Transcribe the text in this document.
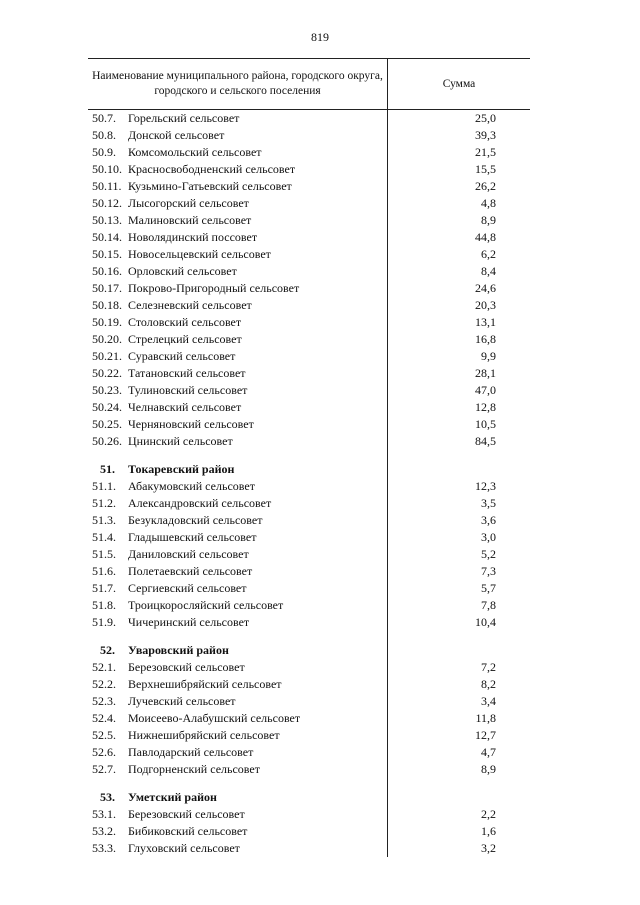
819
Наименование муниципального района, городского округа, городского и сельского поселения
Сумма
50.7.	Горельский сельсовет	25,0
50.8.	Донской сельсовет	39,3
50.9.	Комсомольский сельсовет	21,5
50.10. Красносвободненский сельсовет	15,5
50.11. Кузьмино-Гатьевский сельсовет	26,2
50.12. Лысогорский сельсовет	4,8
50.13. Малиновский сельсовет	8,9
50.14. Новолядинский поссовет	44,8
50.15. Новосельцевский сельсовет	6,2
50.16. Орловский сельсовет	8,4
50.17. Покрово-Пригородный сельсовет	24,6
50.18. Селезневский сельсовет	20,3
50.19. Столовский сельсовет	13,1
50.20. Стрелецкий сельсовет	16,8
50.21. Суравский сельсовет	9,9
50.22. Татановский сельсовет	28,1
50.23. Тулиновский сельсовет	47,0
50.24. Челнавский сельсовет	12,8
50.25. Черняновский сельсовет	10,5
50.26. Цнинский сельсовет	84,5
51.	Токаревский район
51.1.	Абакумовский сельсовет	12,3
51.2.	Александровский сельсовет	3,5
51.3.	Безукладовский сельсовет	3,6
51.4.	Гладышевский сельсовет	3,0
51.5.	Даниловский сельсовет	5,2
51.6.	Полетаевский сельсовет	7,3
51.7.	Сергиевский сельсовет	5,7
51.8.	Троицкоросляйский сельсовет	7,8
51.9.	Чичеринский сельсовет	10,4
52.	Уваровский район
52.1.	Березовский сельсовет	7,2
52.2.	Верхнешибряйский сельсовет	8,2
52.3.	Лучевский сельсовет	3,4
52.4.	Моисеево-Алабушский сельсовет	11,8
52.5.	Нижнешибряйский сельсовет	12,7
52.6.	Павлодарский сельсовет	4,7
52.7.	Подгорненский сельсовет	8,9
53.	Уметский район
53.1.	Березовский сельсовет	2,2
53.2.	Бибиковский сельсовет	1,6
53.3.	Глуховский сельсовет	3,2
